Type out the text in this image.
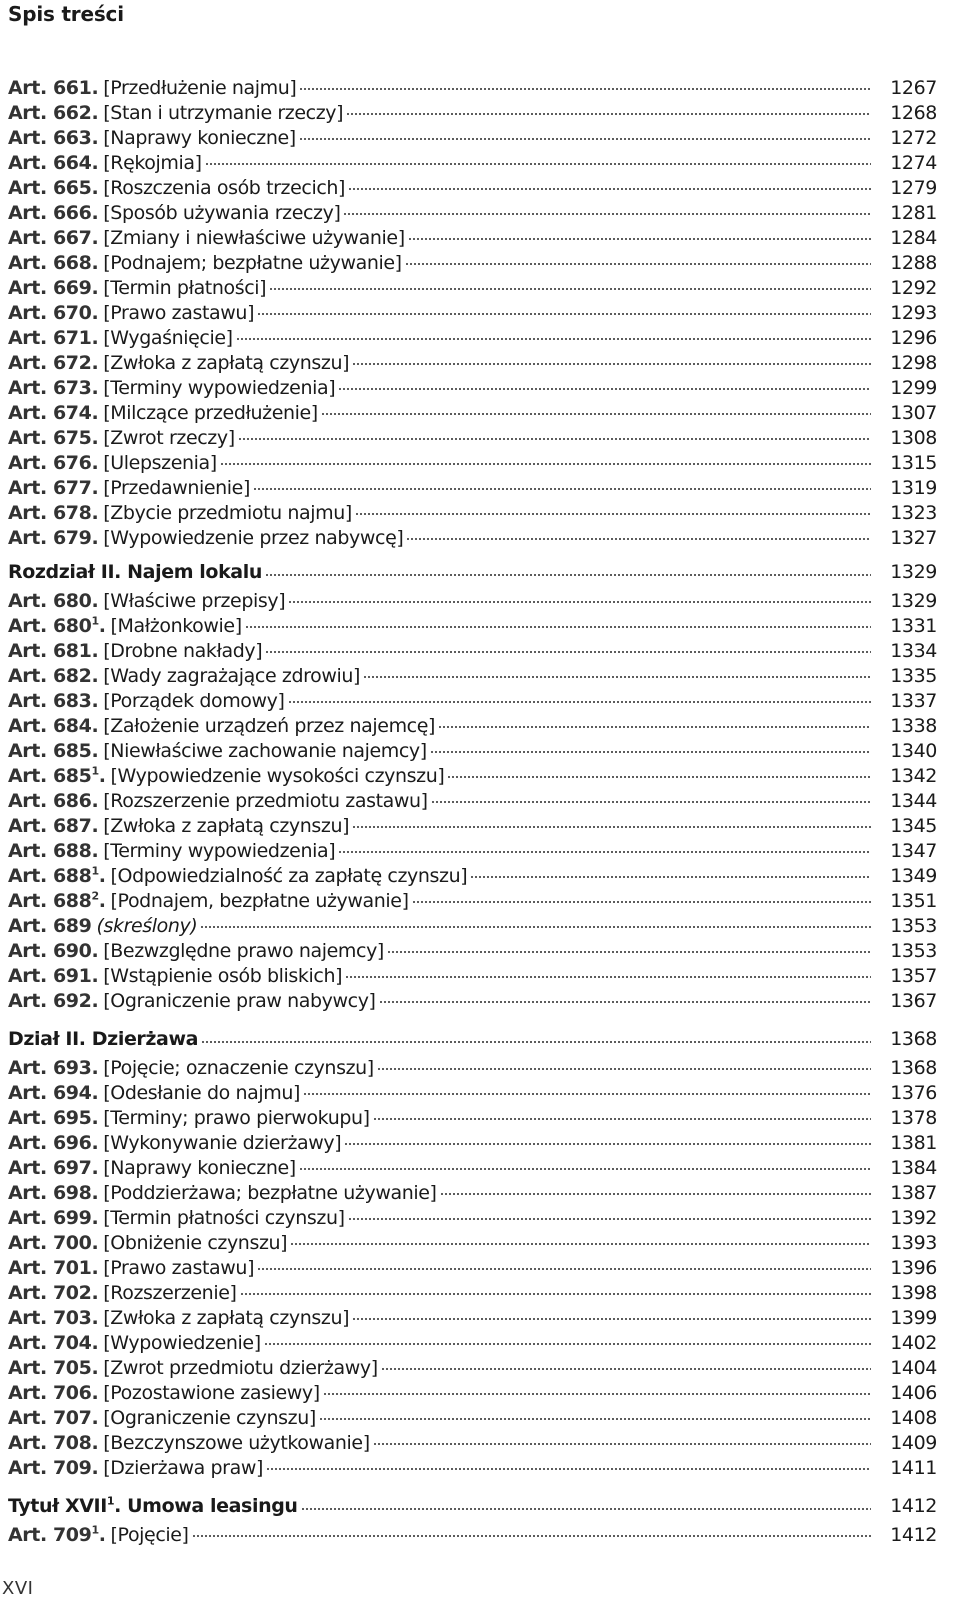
Spis treści
Art. 661. [Przedłużenie najmu]	1267
Art. 662. [Stan i utrzymanie rzeczy]	1268
Art. 663. [Naprawy konieczne]	1272
Art. 664. [Rękojmia]	1274
Art. 665. [Roszczenia osób trzecich]	1279
Art. 666. [Sposób używania rzeczy]	1281
Art. 667. [Zmiany i niewłaściwe używanie]	1284
Art. 668. [Podnajem; bezpłatne używanie]	1288
Art. 669. [Termin płatności]	1292
Art. 670. [Prawo zastawu]	1293
Art. 671. [Wygaśnięcie]	1296
Art. 672. [Zwłoka z zapłatą czynszu]	1298
Art. 673. [Terminy wypowiedzenia]	1299
Art. 674. [Milczące przedłużenie]	1307
Art. 675. [Zwrot rzeczy]	1308
Art. 676. [Ulepszenia]	1315
Art. 677. [Przedawnienie]	1319
Art. 678. [Zbycie przedmiotu najmu]	1323
Art. 679. [Wypowiedzenie przez nabywcę]	1327
Rozdział II. Najem lokalu	1329
Art. 680. [Właściwe przepisy]	1329
Art. $680^1$. [Małżonkowie]	1331
Art. 681. [Drobne nakłady]	1334
Art. 682. [Wady zagrażające zdrowiu]	1335
Art. 683. [Porządek domowy]	1337
Art. 684. [Założenie urządzeń przez najemcę]	1338
Art. 685. [Niewłaściwe zachowanie najemcy]	1340
Art. $685^1$. [Wypowiedzenie wysokości czynszu]	1342
Art. 686. [Rozszerzenie przedmiotu zastawu]	1344
Art. 687. [Zwłoka z zapłatą czynszu]	1345
Art. 688. [Terminy wypowiedzenia]	1347
Art. $688^1$. [Odpowiedzialność za zapłatę czynszu]	1349
Art. $688^2$. [Podnajem, bezpłatne używanie]	1351
Art. 689 (skreślony)	1353
Art. 690. [Bezwzględne prawo najemcy]	1353
Art. 691. [Wstąpienie osób bliskich]	1357
Art. 692. [Ograniczenie praw nabywcy]	1367
Dział II. Dzierżawa	1368
Art. 693. [Pojęcie; oznaczenie czynszu]	1368
Art. 694. [Odesłanie do najmu]	1376
Art. 695. [Terminy; prawo pierwokupu]	1378
Art. 696. [Wykonywanie dzierżawy]	1381
Art. 697. [Naprawy konieczne]	1384
Art. 698. [Poddzierżawa; bezpłatne używanie]	1387
Art. 699. [Termin płatności czynszu]	1392
Art. 700. [Obniżenie czynszu]	1393
Art. 701. [Prawo zastawu]	1396
Art. 702. [Rozszerzenie]	1398
Art. 703. [Zwłoka z zapłatą czynszu]	1399
Art. 704. [Wypowiedzenie]	1402
Art. 705. [Zwrot przedmiotu dzierżawy]	1404
Art. 706. [Pozostawione zasiewy]	1406
Art. 707. [Ograniczenie czynszu]	1408
Art. 708. [Bezczynszowe użytkowanie]	1409
Art. 709. [Dzierżawa praw]	1411
Tytuł XVII$^1$. Umowa leasingu	1412
Art. $709^1$. [Pojęcie]	1412
XVI
